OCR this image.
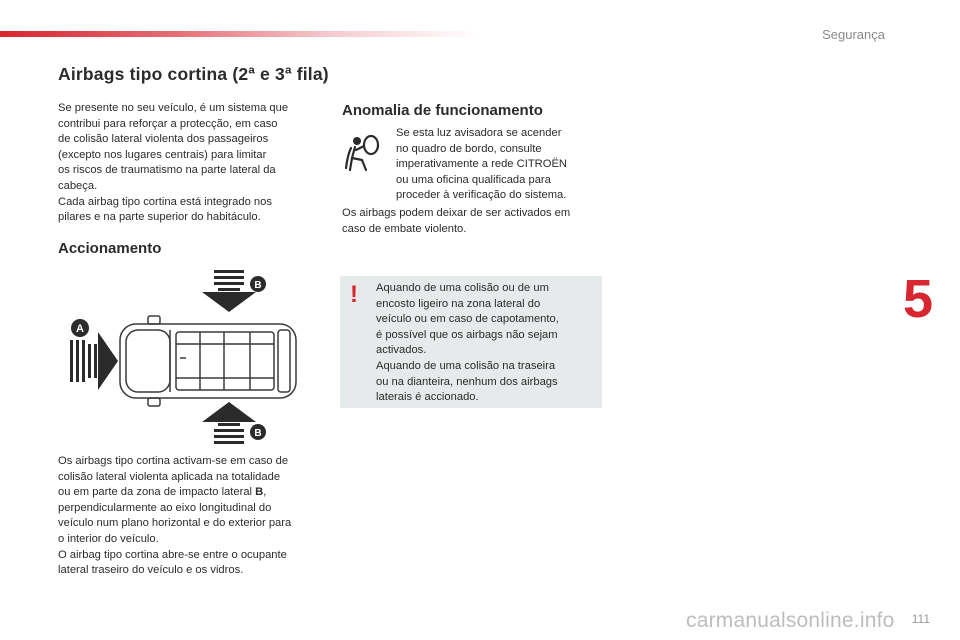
Segurança
Airbags tipo cortina (2ª e 3ª fila)

Se presente no seu veículo, é um sistema que
contribui para reforçar a protecção, em caso
de colisão lateral violenta dos passageiros
(excepto nos lugares centrais) para limitar
os riscos de traumatismo na parte lateral da
cabeça.
Cada airbag tipo cortina está integrado nos
pilares e na parte superior do habitáculo.

Accionamento
A
B
B

Os airbags tipo cortina activam-se em caso de
colisão lateral violenta aplicada na totalidade
ou em parte da zona de impacto lateral B,
perpendicularmente ao eixo longitudinal do
veículo num plano horizontal e do exterior para
o interior do veículo.
O airbag tipo cortina abre-se entre o ocupante
lateral traseiro do veículo e os vidros.

Anomalia de funcionamento

Se esta luz avisadora se acender
no quadro de bordo, consulte
imperativamente a rede CITROËN
ou uma oficina qualificada para
proceder à verificação do sistema.

Os airbags podem deixar de ser activados em
caso de embate violento.

! Aquando de uma colisão ou de um
encosto ligeiro na zona lateral do
veículo ou em caso de capotamento,
é possível que os airbags não sejam
activados.
Aquando de uma colisão na traseira
ou na dianteira, nenhum dos airbags
laterais é accionado.

5
111
carmanualsonline.info
